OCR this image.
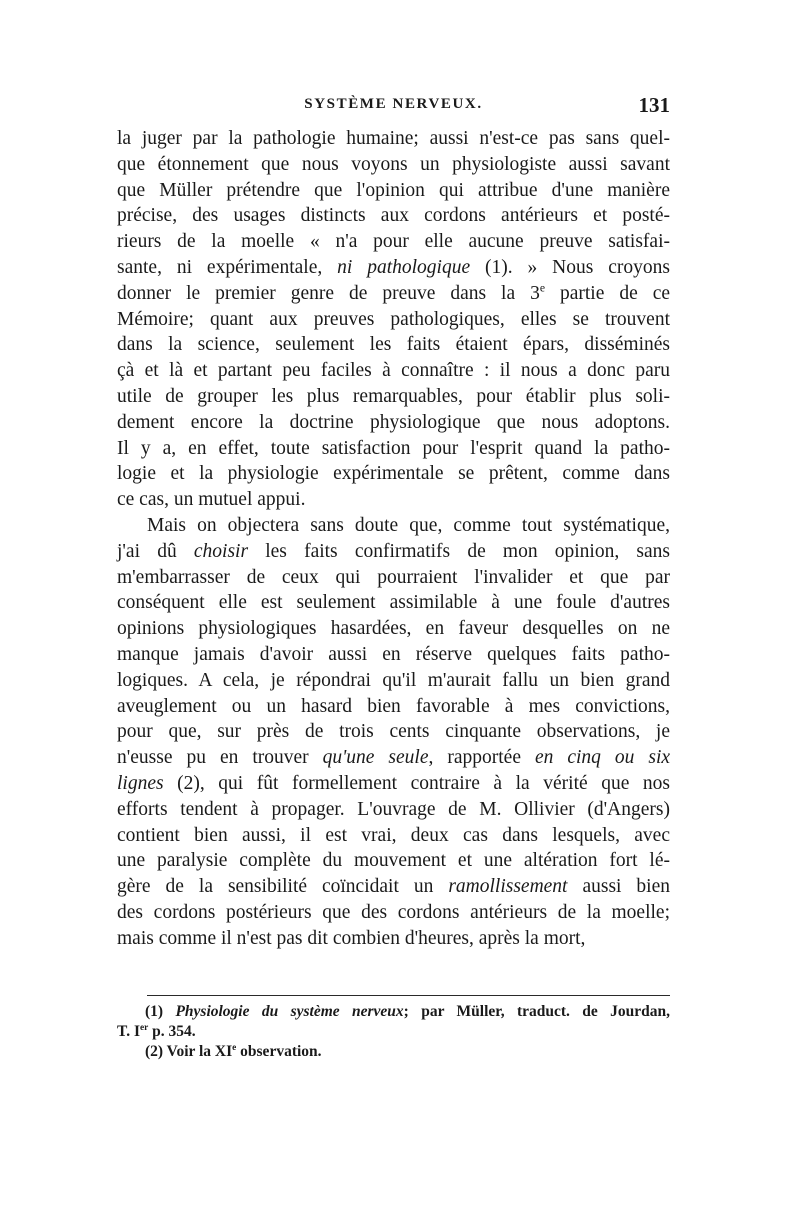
SYSTÈME NERVEUX.	131
la juger par la pathologie humaine; aussi n'est-ce pas sans quel-
que étonnement que nous voyons un physiologiste aussi savant
que Müller prétendre que l'opinion qui attribue d'une manière
précise, des usages distincts aux cordons antérieurs et posté-
rieurs de la moelle « n'a pour elle aucune preuve satisfai-
sante, ni expérimentale, ni pathologique (1). » Nous croyons
donner le premier genre de preuve dans la 3e partie de ce
Mémoire; quant aux preuves pathologiques, elles se trouvent
dans la science, seulement les faits étaient épars, disséminés
çà et là et partant peu faciles à connaître : il nous a donc paru
utile de grouper les plus remarquables, pour établir plus soli-
dement encore la doctrine physiologique que nous adoptons.
Il y a, en effet, toute satisfaction pour l'esprit quand la patho-
logie et la physiologie expérimentale se prêtent, comme dans
ce cas, un mutuel appui.
Mais on objectera sans doute que, comme tout systématique,
j'ai dû choisir les faits confirmatifs de mon opinion, sans
m'embarrasser de ceux qui pourraient l'invalider et que par
conséquent elle est seulement assimilable à une foule d'autres
opinions physiologiques hasardées, en faveur desquelles on ne
manque jamais d'avoir aussi en réserve quelques faits patho-
logiques. A cela, je répondrai qu'il m'aurait fallu un bien grand
aveuglement ou un hasard bien favorable à mes convictions,
pour que, sur près de trois cents cinquante observations, je
n'eusse pu en trouver qu'une seule, rapportée en cinq ou six
lignes (2), qui fût formellement contraire à la vérité que nos
efforts tendent à propager. L'ouvrage de M. Ollivier (d'Angers)
contient bien aussi, il est vrai, deux cas dans lesquels, avec
une paralysie complète du mouvement et une altération fort lé-
gère de la sensibilité coïncidait un ramollissement aussi bien
des cordons postérieurs que des cordons antérieurs de la moelle;
mais comme il n'est pas dit combien d'heures, après la mort,
(1) Physiologie du système nerveux; par Müller, traduct. de Jourdan,
T. Ier p. 354.
(2) Voir la XIe observation.
